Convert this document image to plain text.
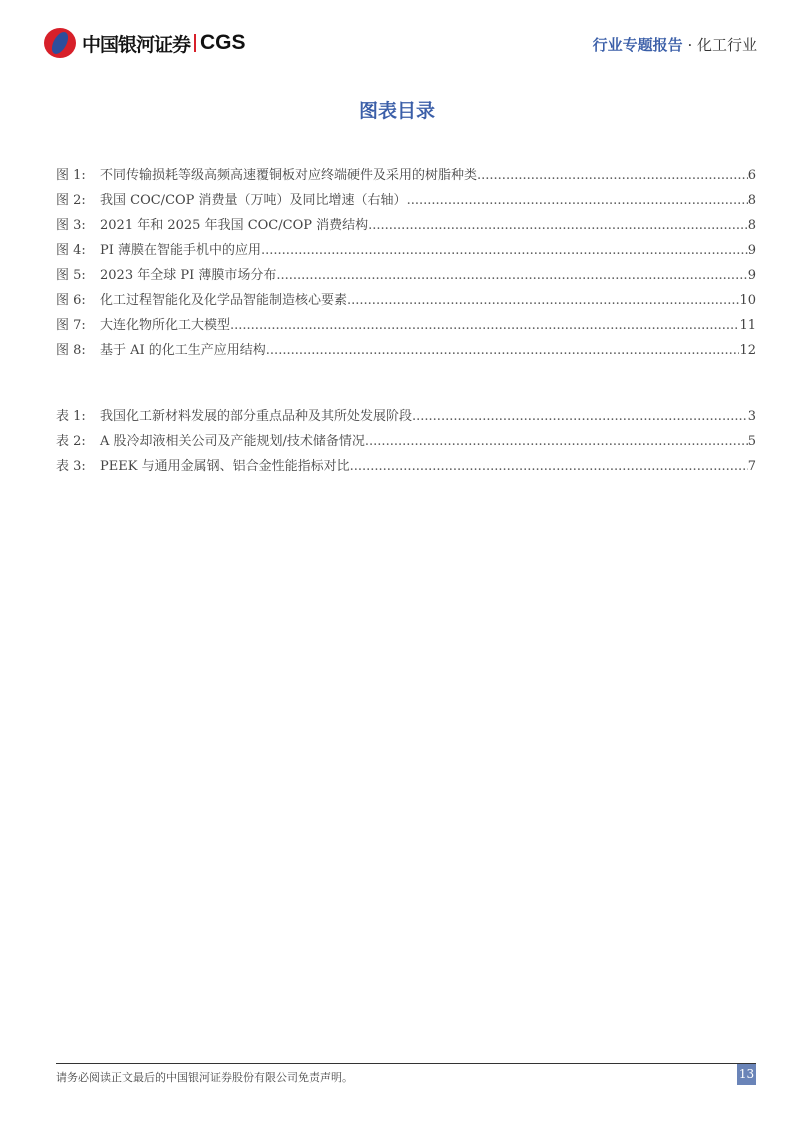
中国银河证券 CGS	行业专题报告 · 化工行业
图表目录
图 1:	不同传输损耗等级高频高速覆铜板对应终端硬件及采用的树脂种类 .....	6
图 2:	我国 COC/COP 消费量（万吨）及同比增速（右轴） .....	8
图 3:	2021 年和 2025 年我国 COC/COP 消费结构 .....	8
图 4:	PI 薄膜在智能手机中的应用 .....	9
图 5:	2023 年全球 PI 薄膜市场分布 .....	9
图 6:	化工过程智能化及化学品智能制造核心要素 .....	10
图 7:	大连化物所化工大模型 .....	11
图 8:	基于 AI 的化工生产应用结构 .....	12
表 1:	我国化工新材料发展的部分重点品种及其所处发展阶段 .....	3
表 2:	A 股冷却液相关公司及产能规划/技术储备情况 .....	5
表 3:	PEEK 与通用金属钢、铝合金性能指标对比 .....	7
请务必阅读正文最后的中国银河证券股份有限公司免责声明。	13
